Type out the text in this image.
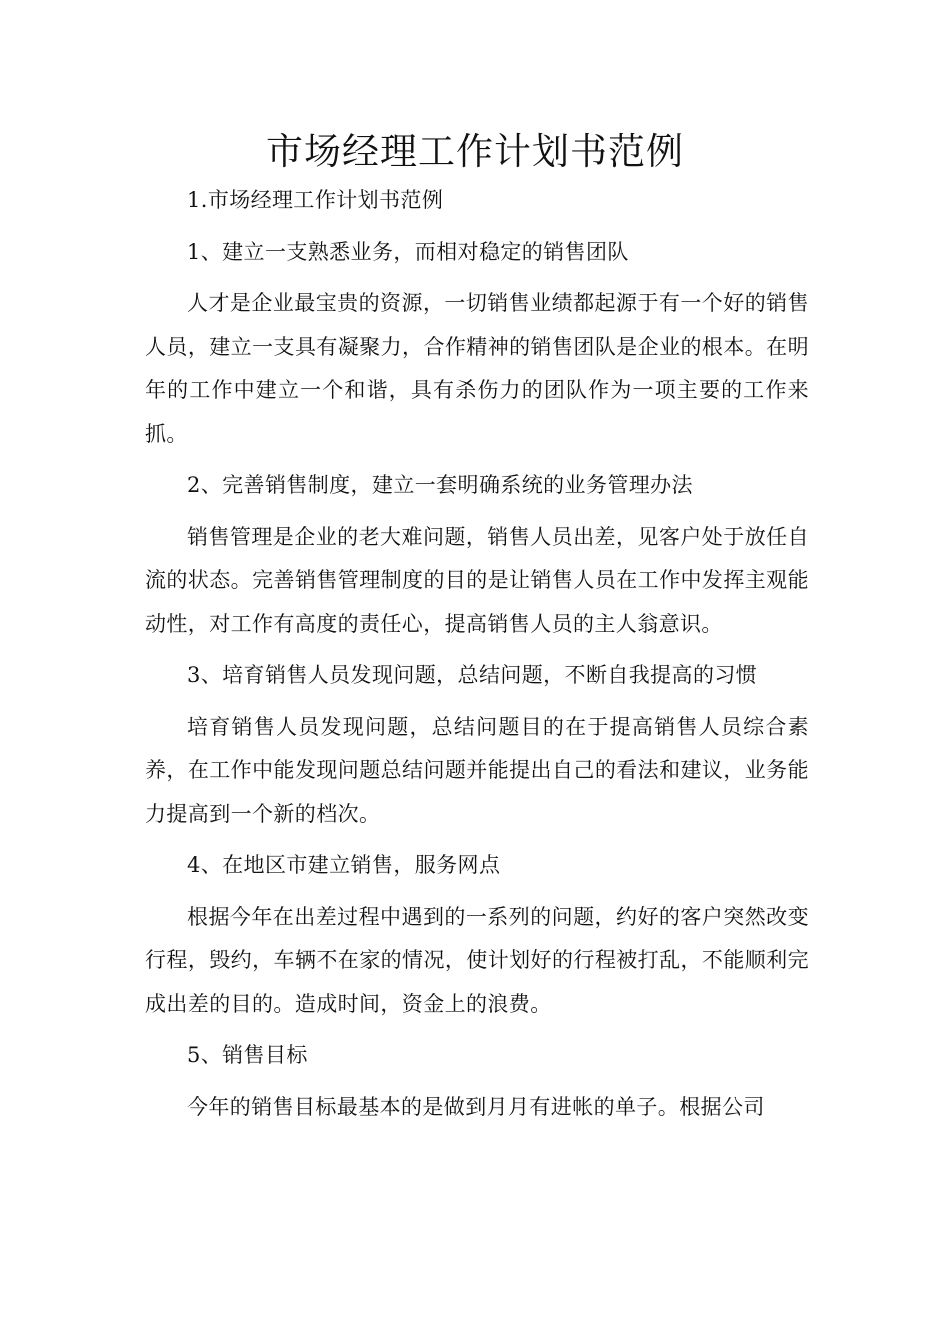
市场经理工作计划书范例

1.市场经理工作计划书范例

1、建立一支熟悉业务，而相对稳定的销售团队

人才是企业最宝贵的资源，一切销售业绩都起源于有一个好的销售人员，建立一支具有凝聚力，合作精神的销售团队是企业的根本。在明年的工作中建立一个和谐，具有杀伤力的团队作为一项主要的工作来抓。

2、完善销售制度，建立一套明确系统的业务管理办法

销售管理是企业的老大难问题，销售人员出差，见客户处于放任自流的状态。完善销售管理制度的目的是让销售人员在工作中发挥主观能动性，对工作有高度的责任心，提高销售人员的主人翁意识。

3、培育销售人员发现问题，总结问题，不断自我提高的习惯

培育销售人员发现问题，总结问题目的在于提高销售人员综合素养，在工作中能发现问题总结问题并能提出自己的看法和建议，业务能力提高到一个新的档次。

4、在地区市建立销售，服务网点

根据今年在出差过程中遇到的一系列的问题，约好的客户突然改变行程，毁约，车辆不在家的情况，使计划好的行程被打乱，不能顺利完成出差的目的。造成时间，资金上的浪费。

5、销售目标

今年的销售目标最基本的是做到月月有进帐的单子。根据公司
